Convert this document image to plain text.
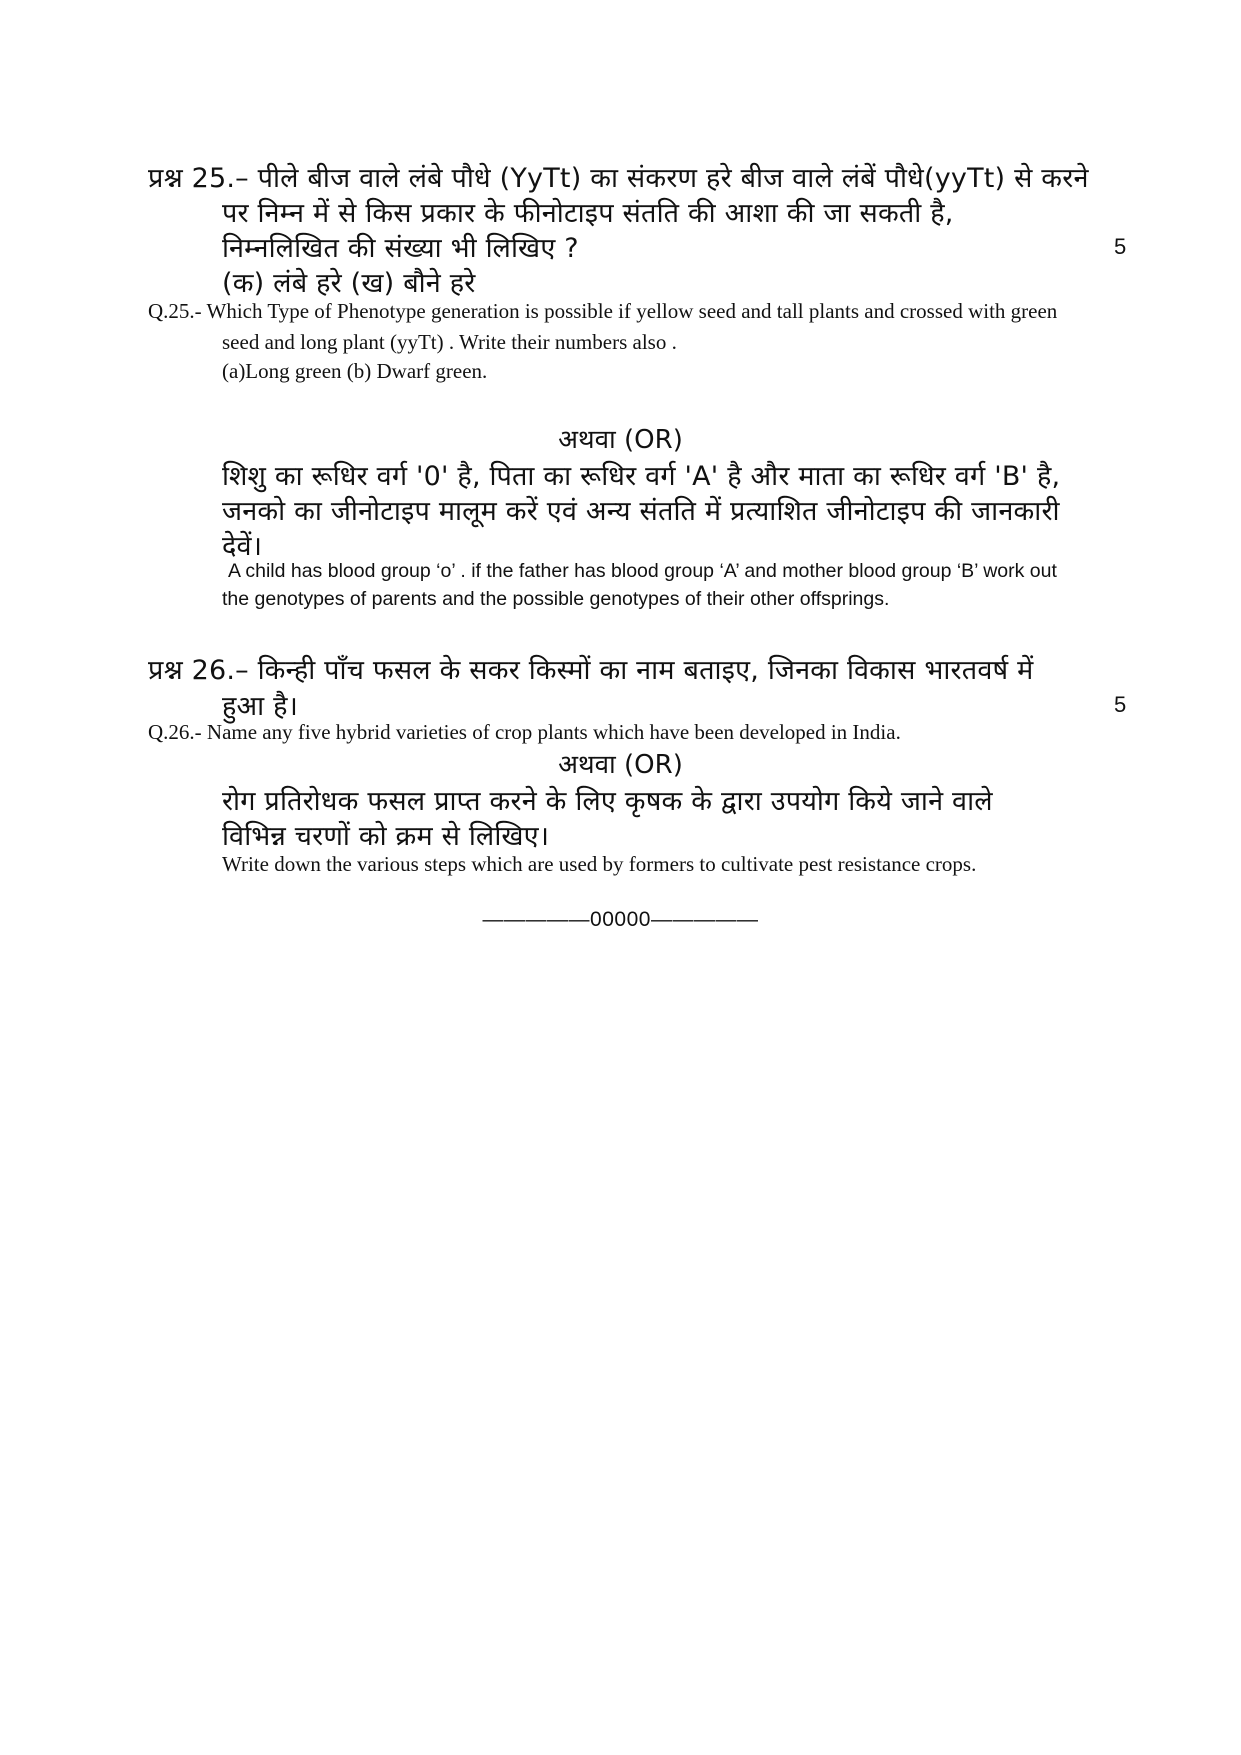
प्रश्न 25.– पीले बीज वाले लंबे पौधे (YyTt) का संकरण हरे बीज वाले लंबें पौधे(yyTt) से करने
पर निम्न में से किस प्रकार के फीनोटाइप संतति की आशा की जा सकती है,
निम्नलिखित की संख्या भी लिखिए ?	5
(क) लंबे हरे (ख) बौने हरे
Q.25.- Which Type of Phenotype generation is possible if yellow seed and tall plants and crossed with green
seed and long plant (yyTt) . Write their numbers also .
(a)Long green (b) Dwarf green.
अथवा (OR)
शिशु का रूधिर वर्ग '0' है, पिता का रूधिर वर्ग 'A' है और माता का रूधिर वर्ग 'B' है,
जनको का जीनोटाइप मालूम करें एवं अन्य संतति में प्रत्याशित जीनोटाइप की जानकारी
देवें।
A child has blood group ‘o’ . if the father has blood group ‘A’ and mother blood group ‘B’ work out
the genotypes of parents and the possible genotypes of their other offsprings.
प्रश्न 26.– किन्ही पाँच फसल के सकर किस्मों का नाम बताइए, जिनका विकास भारतवर्ष में
हुआ है।	5
Q.26.- Name any five hybrid varieties of crop plants which have been developed in India.
अथवा (OR)
रोग प्रतिरोधक फसल प्राप्त करने के लिए कृषक के द्वारा उपयोग किये जाने वाले
विभिन्न चरणों को क्रम से लिखिए।
Write down the various steps which are used by formers to cultivate pest resistance crops.
—————00000—————
